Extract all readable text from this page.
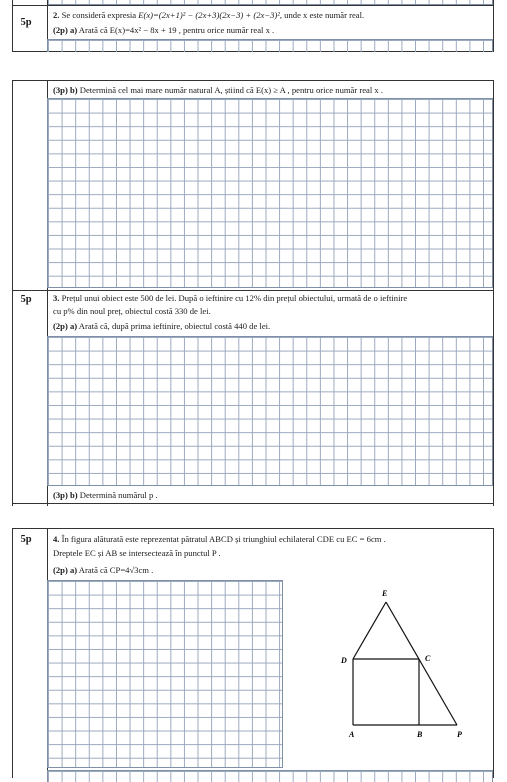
5p
2. Se consideră expresia E(x)=(2x+1)² − (2x+3)(2x−3) + (2x−3)², unde x este număr real.
(2p) a) Arată că E(x)=4x² − 8x + 19 , pentru orice număr real x .
(3p) b) Determină cel mai mare număr natural A, știind că E(x) ≥ A , pentru orice număr real x .
5p	3. Prețul unui obiect este 500 de lei. După o ieftinire cu 12% din prețul obiectului, urmată de o ieftinire
cu p% din noul preț, obiectul costă 330 de lei.
(2p) a) Arată că, după prima ieftinire, obiectul costă 440 de lei.
(3p) b) Determină numărul p .
5p	4. În figura alăturată este reprezentat pătratul ABCD și triunghiul echilateral CDE cu EC = 6cm .
Dreptele EC și AB se intersectează în punctul P .
(2p) a) Arată că CP=4√3cm .
E
D	C
A	B	P
